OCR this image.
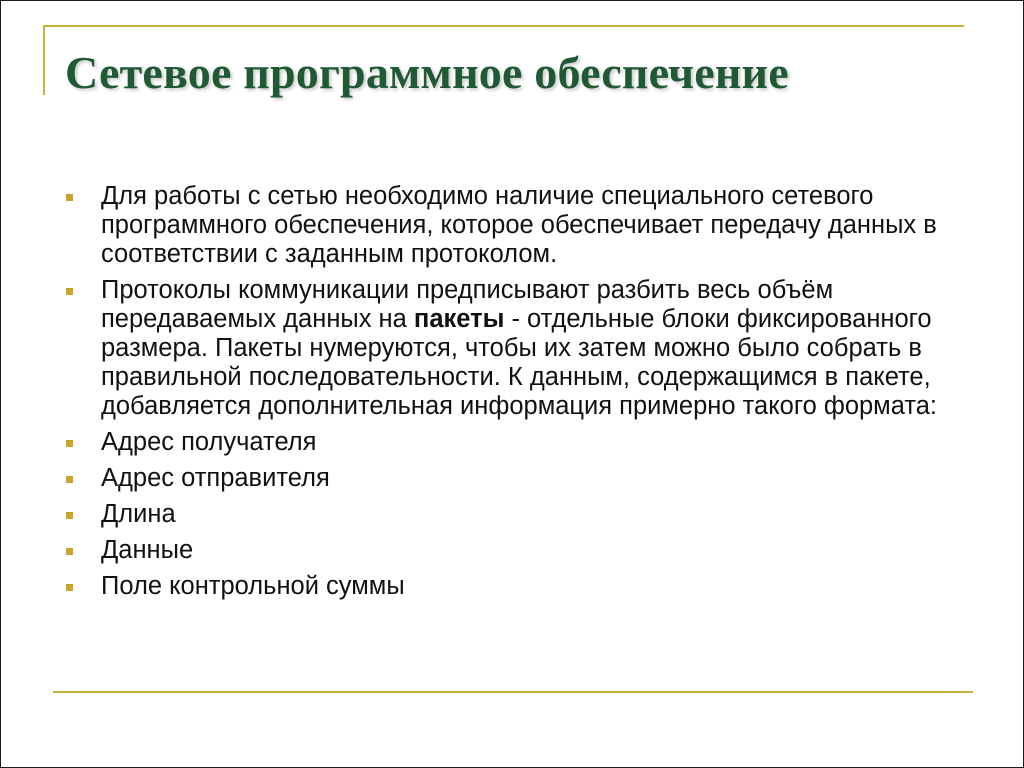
Сетевое программное обеспечение
Для работы с сетью необходимо наличие специального сетевого программного обеспечения, которое обеспечивает передачу данных в соответствии с заданным протоколом.
Протоколы коммуникации предписывают разбить весь объём передаваемых данных на пакеты - отдельные блоки фиксированного размера. Пакеты нумеруются, чтобы их затем можно было собрать в правильной последовательности. К данным, содержащимся в пакете, добавляется дополнительная информация примерно такого формата:
Адрес получателя
Адрес отправителя
Длина
Данные
Поле контрольной суммы
